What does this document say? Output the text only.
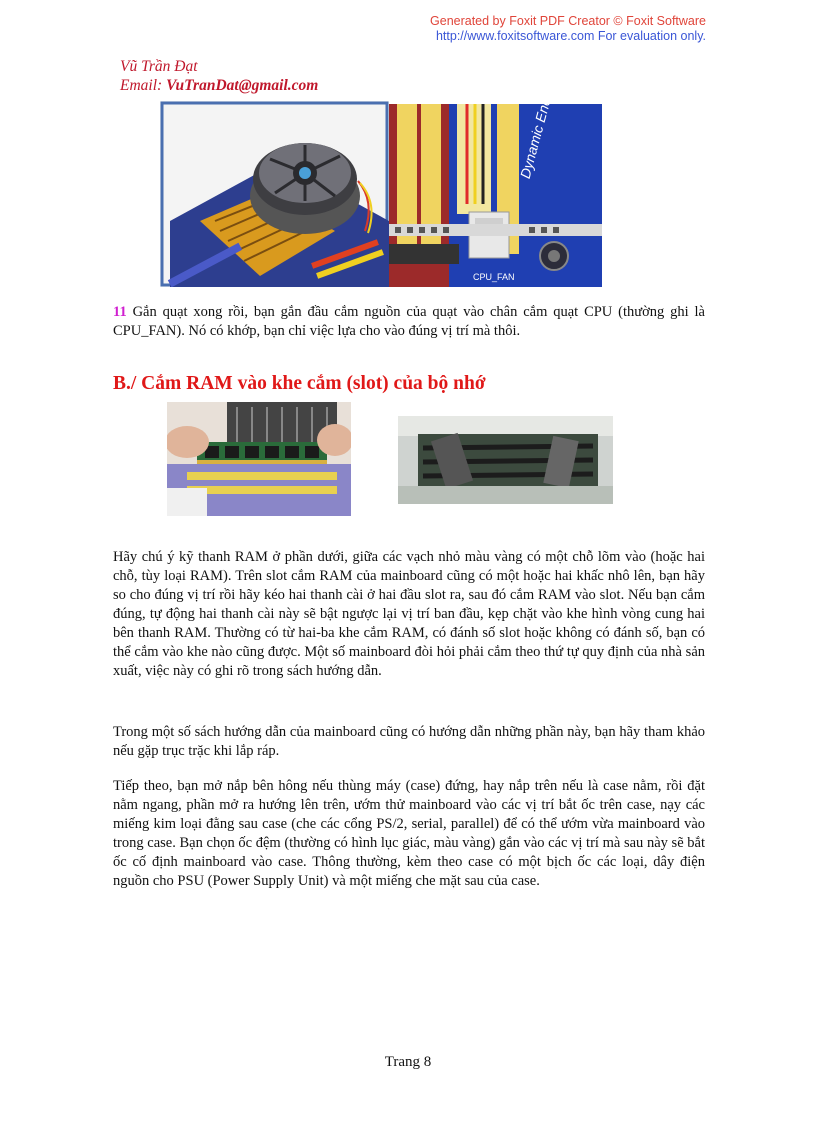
Generated by Foxit PDF Creator © Foxit Software
http://www.foxitsoftware.com For evaluation only.
Vũ Trần Đạt
Email: VuTranDat@gmail.com
CPU_FAN
11 Gắn quạt xong rồi, bạn gắn đầu cắm nguồn của quạt vào chân cắm quạt CPU (thường ghi là CPU_FAN). Nó có khớp, bạn chỉ việc lựa cho vào đúng vị trí mà thôi.
B./ Cắm RAM vào khe cắm (slot) của bộ nhớ
Hãy chú ý kỹ thanh RAM ở phần dưới, giữa các vạch nhỏ màu vàng có một chỗ lõm vào (hoặc hai chỗ, tùy loại RAM). Trên slot cắm RAM của mainboard cũng có một hoặc hai khấc nhô lên, bạn hãy so cho đúng vị trí rồi hãy kéo hai thanh cài ở hai đầu slot ra, sau đó cắm RAM vào slot. Nếu bạn cắm đúng, tự động hai thanh cài này sẽ bật ngược lại vị trí ban đầu, kẹp chặt vào khe hình vòng cung hai bên thanh RAM. Thường có từ hai-ba khe cắm RAM, có đánh số slot hoặc không có đánh số, bạn có thể cắm vào khe nào cũng được. Một số mainboard đòi hỏi phải cắm theo thứ tự quy định của nhà sản xuất, việc này có ghi rõ trong sách hướng dẫn.
Trong một số sách hướng dẫn của mainboard cũng có hướng dẫn những phần này, bạn hãy tham khảo nếu gặp trục trặc khi lắp ráp.
Tiếp theo, bạn mở nắp bên hông nếu thùng máy (case) đứng, hay nắp trên nếu là case nằm, rồi đặt nằm ngang, phần mở ra hướng lên trên, ướm thử mainboard vào các vị trí bắt ốc trên case, nạy các miếng kim loại đằng sau case (che các cổng PS/2, serial, parallel) để có thể ướm vừa mainboard vào trong case. Bạn chọn ốc đệm (thường có hình lục giác, màu vàng) gắn vào các vị trí mà sau này sẽ bắt ốc cố định mainboard vào case. Thông thường, kèm theo case có một bịch ốc các loại, dây điện nguồn cho PSU (Power Supply Unit) và một miếng che mặt sau của case.
Trang 8
